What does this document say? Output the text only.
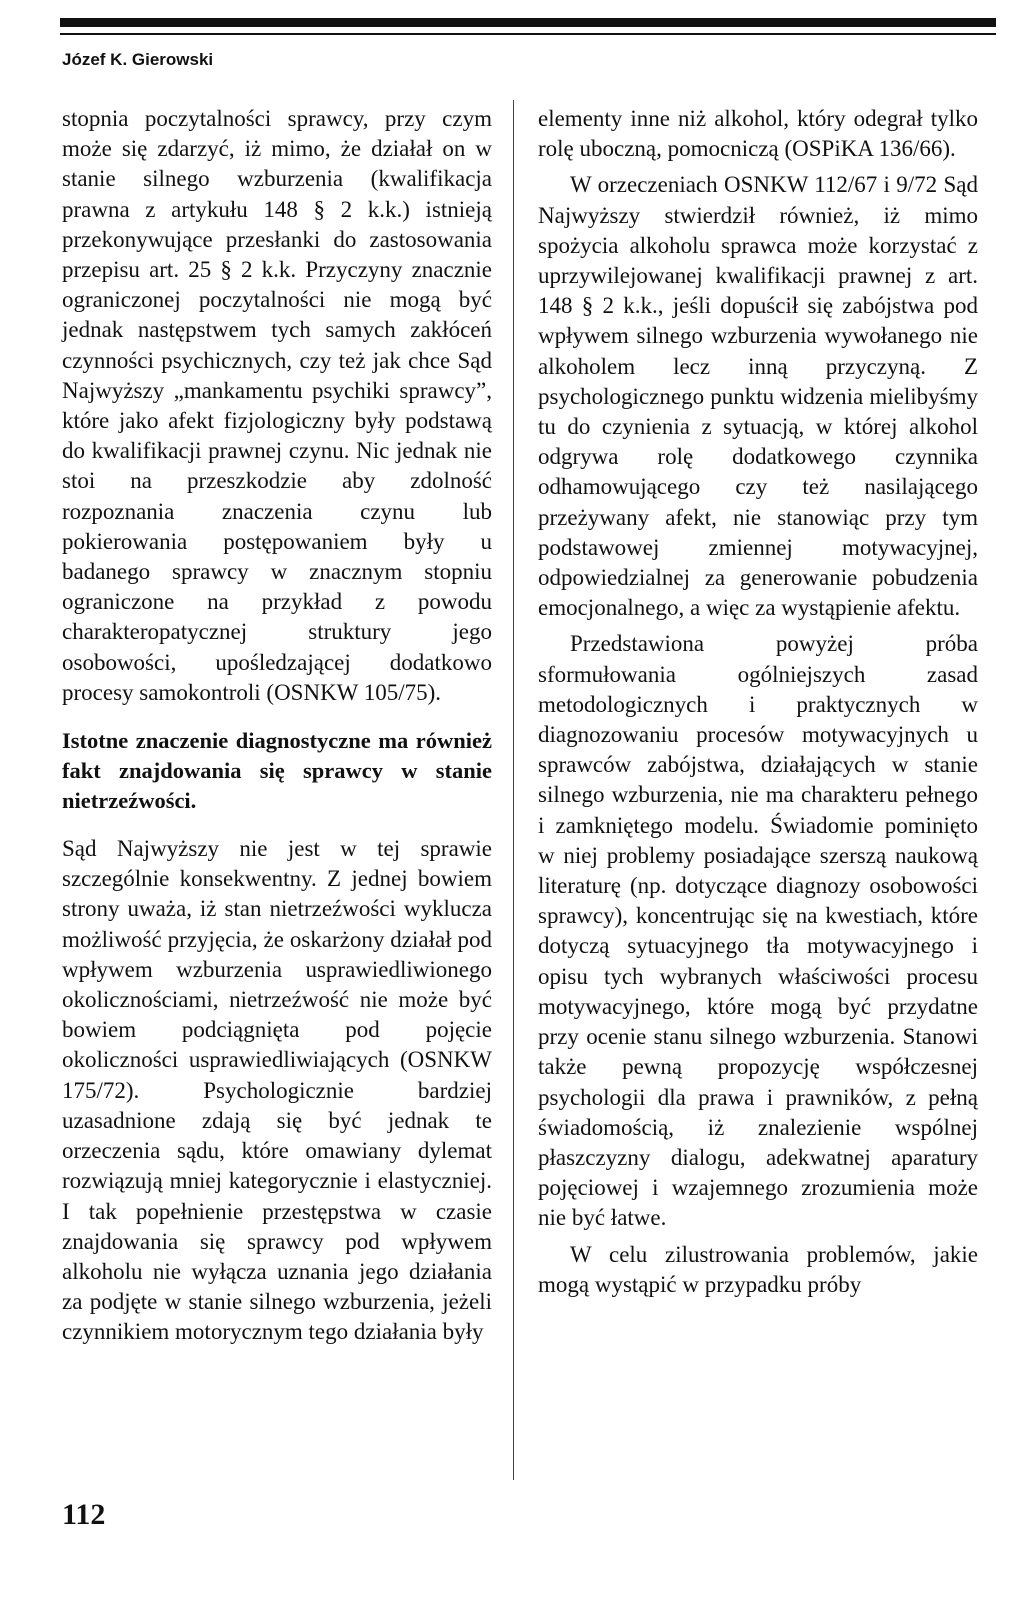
Józef K. Gierowski

stopnia poczytalności sprawcy, przy czym może się zdarzyć, iż mimo, że działał on w stanie silnego wzburzenia (kwalifikacja prawna z artykułu 148 § 2 k.k.) istnieją przekonywujące przesłanki do zastosowania przepisu art. 25 § 2 k.k. Przyczyny znacznie ograniczonej poczytalności nie mogą być jednak następstwem tych samych zakłóceń czynności psychicznych, czy też jak chce Sąd Najwyższy „mankamentu psychiki sprawcy”, które jako afekt fizjologiczny były podstawą do kwalifikacji prawnej czynu. Nic jednak nie stoi na przeszkodzie aby zdolność rozpoznania znaczenia czynu lub pokierowania postępowaniem były u badanego sprawcy w znacznym stopniu ograniczone na przykład z powodu charakteropatycznej struktury jego osobowości, upośledzającej dodatkowo procesy samokontroli (OSNKW 105/75).

Istotne znaczenie diagnostyczne ma również fakt znajdowania się sprawcy w stanie nietrzeźwości.

Sąd Najwyższy nie jest w tej sprawie szczególnie konsekwentny. Z jednej bowiem strony uważa, iż stan nietrzeźwości wyklucza możliwość przyjęcia, że oskarżony działał pod wpływem wzburzenia usprawiedliwionego okolicznościami, nietrzeźwość nie może być bowiem podciągnięta pod pojęcie okoliczności usprawiedliwiających (OSNKW 175/72). Psychologicznie bardziej uzasadnione zdają się być jednak te orzeczenia sądu, które omawiany dylemat rozwiązują mniej kategorycznie i elastyczniej. I tak popełnienie przestępstwa w czasie znajdowania się sprawcy pod wpływem alkoholu nie wyłącza uznania jego działania za podjęte w stanie silnego wzburzenia, jeżeli czynnikiem motorycznym tego działania były

elementy inne niż alkohol, który odegrał tylko rolę uboczną, pomocniczą (OSPiKA 136/66).

W orzeczeniach OSNKW 112/67 i 9/72 Sąd Najwyższy stwierdził również, iż mimo spożycia alkoholu sprawca może korzystać z uprzywilejowanej kwalifikacji prawnej z art. 148 § 2 k.k., jeśli dopuścił się zabójstwa pod wpływem silnego wzburzenia wywołanego nie alkoholem lecz inną przyczyną. Z psychologicznego punktu widzenia mielibyśmy tu do czynienia z sytuacją, w której alkohol odgrywa rolę dodatkowego czynnika odhamowującego czy też nasilającego przeżywany afekt, nie stanowiąc przy tym podstawowej zmiennej motywacyjnej, odpowiedzialnej za generowanie pobudzenia emocjonalnego, a więc za wystąpienie afektu.

Przedstawiona powyżej próba sformułowania ogólniejszych zasad metodologicznych i praktycznych w diagnozowaniu procesów motywacyjnych u sprawców zabójstwa, działających w stanie silnego wzburzenia, nie ma charakteru pełnego i zamkniętego modelu. Świadomie pominięto w niej problemy posiadające szerszą naukową literaturę (np. dotyczące diagnozy osobowości sprawcy), koncentrując się na kwestiach, które dotyczą sytuacyjnego tła motywacyjnego i opisu tych wybranych właściwości procesu motywacyjnego, które mogą być przydatne przy ocenie stanu silnego wzburzenia. Stanowi także pewną propozycję współczesnej psychologii dla prawa i prawników, z pełną świadomością, iż znalezienie wspólnej płaszczyzny dialogu, adekwatnej aparatury pojęciowej i wzajemnego zrozumienia może nie być łatwe.

W celu zilustrowania problemów, jakie mogą wystąpić w przypadku próby

112
